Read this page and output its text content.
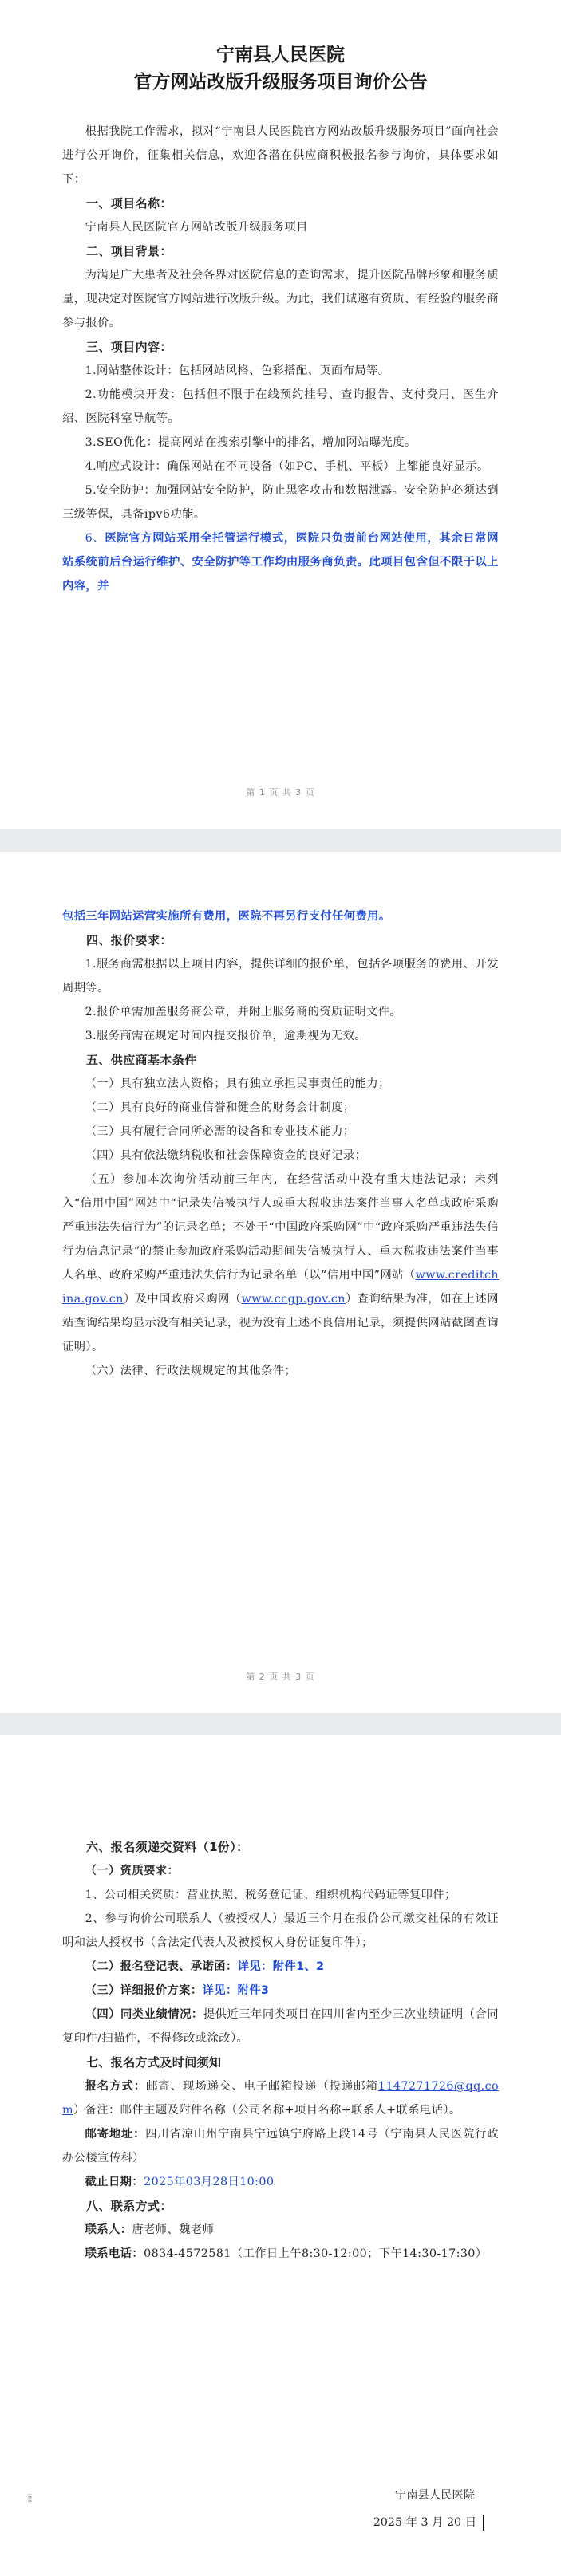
宁南县人民医院
官方网站改版升级服务项目询价公告

根据我院工作需求，拟对“宁南县人民医院官方网站改版升级服务项目”面向社会进行公开询价，征集相关信息，欢迎各潜在供应商积极报名参与询价，具体要求如下：

一、项目名称：

宁南县人民医院官方网站改版升级服务项目

二、项目背景：

为满足广大患者及社会各界对医院信息的查询需求，提升医院品牌形象和服务质量，现决定对医院官方网站进行改版升级。为此，我们诚邀有资质、有经验的服务商参与报价。

三、项目内容：

1.网站整体设计：包括网站风格、色彩搭配、页面布局等。

2.功能模块开发：包括但不限于在线预约挂号、查询报告、支付费用、医生介绍、医院科室导航等。

3.SEO优化：提高网站在搜索引擎中的排名，增加网站曝光度。

4.响应式设计：确保网站在不同设备（如PC、手机、平板）上都能良好显示。

5.安全防护：加强网站安全防护，防止黑客攻击和数据泄露。安全防护必须达到三级等保，具备ipv6功能。

6、医院官方网站采用全托管运行模式，医院只负责前台网站使用，其余日常网站系统前后台运行维护、安全防护等工作均由服务商负责。此项目包含但不限于以上内容，并

第 1 页 共 3 页

包括三年网站运营实施所有费用，医院不再另行支付任何费用。

四、报价要求：

1.服务商需根据以上项目内容，提供详细的报价单，包括各项服务的费用、开发周期等。

2.报价单需加盖服务商公章，并附上服务商的资质证明文件。

3.服务商需在规定时间内提交报价单，逾期视为无效。

五、供应商基本条件

（一）具有独立法人资格；具有独立承担民事责任的能力；

（二）具有良好的商业信誉和健全的财务会计制度；

（三）具有履行合同所必需的设备和专业技术能力；

（四）具有依法缴纳税收和社会保障资金的良好记录；

（五）参加本次询价活动前三年内，在经营活动中没有重大违法记录；未列入“信用中国”网站中“记录失信被执行人或重大税收违法案件当事人名单或政府采购严重违法失信行为”的记录名单；不处于“中国政府采购网”中“政府采购严重违法失信行为信息记录”的禁止参加政府采购活动期间失信被执行人、重大税收违法案件当事人名单、政府采购严重违法失信行为记录名单（以“信用中国”网站（www.creditchina.gov.cn）及中国政府采购网（www.ccgp.gov.cn）查询结果为准，如在上述网站查询结果均显示没有相关记录，视为没有上述不良信用记录，须提供网站截图查询证明）。

（六）法律、行政法规规定的其他条件；

第 2 页 共 3 页

六、报名须递交资料（1份）：

（一）资质要求：

1、公司相关资质：营业执照、税务登记证、组织机构代码证等复印件；

2、参与询价公司联系人（被授权人）最近三个月在报价公司缴交社保的有效证明和法人授权书（含法定代表人及被授权人身份证复印件）；

（二）报名登记表、承诺函：详见：附件1、2

（三）详细报价方案：详见：附件3

（四）同类业绩情况：提供近三年同类项目在四川省内至少三次业绩证明（合同复印件/扫描件，不得修改或涂改）。

七、报名方式及时间须知

报名方式：邮寄、现场递交、电子邮箱投递（投递邮箱1147271726@qq.com）备注：邮件主题及附件名称（公司名称+项目名称+联系人+联系电话）。

邮寄地址：四川省凉山州宁南县宁远镇宁府路上段14号（宁南县人民医院行政办公楼宣传科）

截止日期：2025年03月28日10:00

八、联系方式：

联系人：唐老师、魏老师

联系电话：0834-4572581（工作日上午8:30-12:00；下午14:30-17:30）

宁南县人民医院
2025 年 3 月 20 日
⁞⁞
